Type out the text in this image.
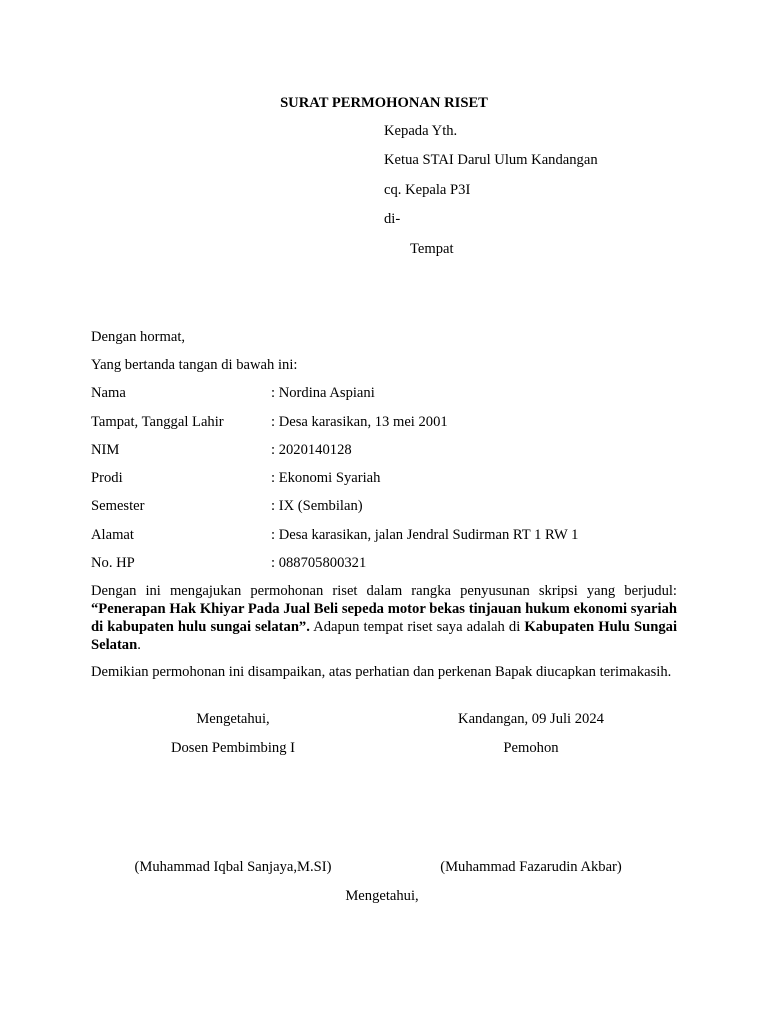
SURAT PERMOHONAN RISET
Kepada Yth.
Ketua STAI Darul Ulum Kandangan
cq. Kepala P3I
di-
Tempat
Dengan hormat,
Yang bertanda tangan di bawah ini:
Nama	: Nordina Aspiani
Tampat, Tanggal Lahir	: Desa karasikan, 13 mei 2001
NIM	: 2020140128
Prodi	: Ekonomi Syariah
Semester	: IX (Sembilan)
Alamat	: Desa karasikan, jalan Jendral Sudirman RT 1 RW 1
No. HP	: 088705800321
Dengan ini mengajukan permohonan riset dalam rangka penyusunan skripsi yang berjudul: “Penerapan Hak Khiyar Pada Jual Beli sepeda motor bekas tinjauan hukum ekonomi syariah di kabupaten hulu sungai selatan”. Adapun tempat riset saya adalah di Kabupaten Hulu Sungai Selatan.
Demikian permohonan ini disampaikan, atas perhatian dan perkenan Bapak diucapkan terimakasih.
Mengetahui,	Kandangan, 09 Juli 2024
Dosen Pembimbing I	Pemohon
(Muhammad Iqbal Sanjaya,M.SI)	(Muhammad Fazarudin Akbar)
Mengetahui,
